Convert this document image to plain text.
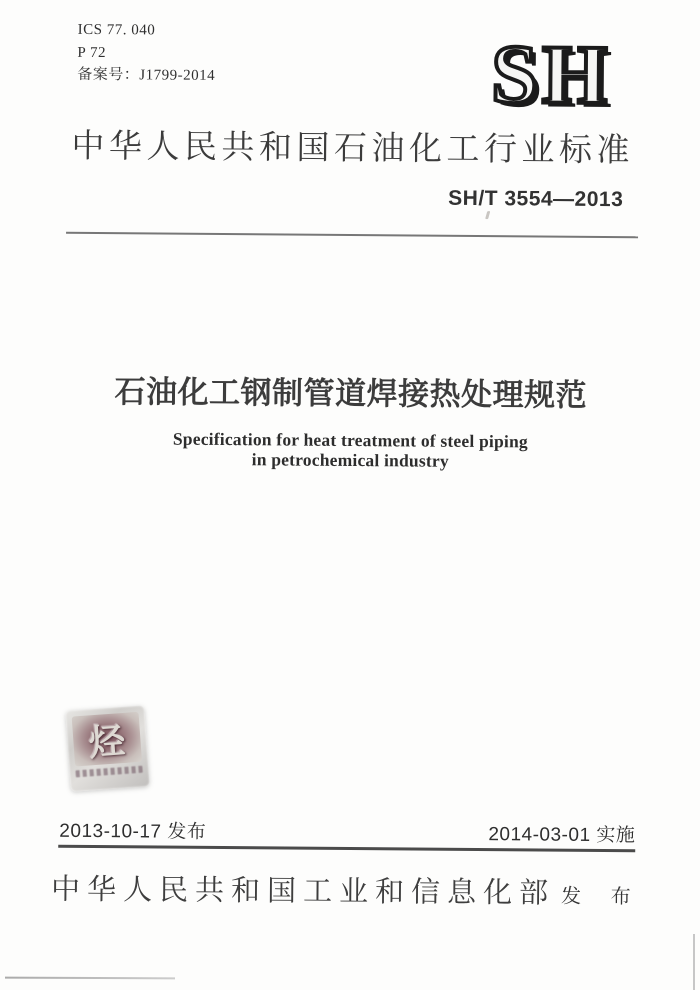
ICS 77. 040
P 72
备案号：J1799-2014	SH
中华人民共和国石油化工行业标准
SH/T 3554—2013
石油化工钢制管道焊接热处理规范
Specification for heat treatment of steel piping
in petrochemical industry
烃
2013-10-17 发布	2014-03-01 实施
中华人民共和国工业和信息化部 发 布
